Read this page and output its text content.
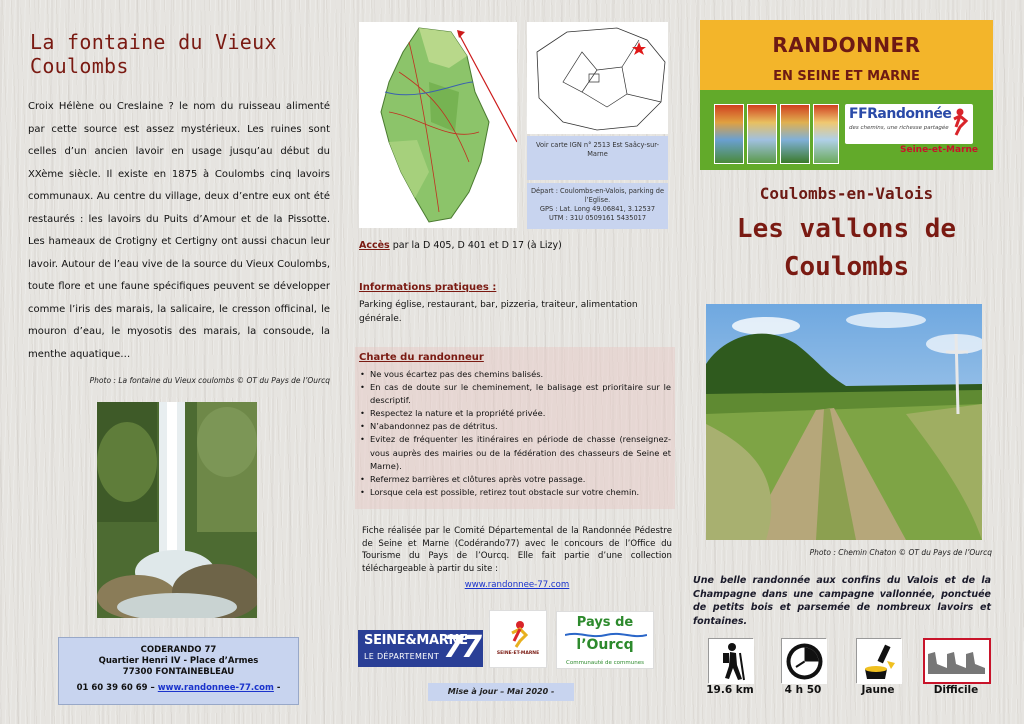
La fontaine du Vieux Coulombs
Croix Hélène ou Creslaine ? le nom du ruisseau alimenté par cette source est assez mystérieux. Les ruines sont celles d’un ancien lavoir en usage jusqu’au début du XXème siècle. Il existe en 1875 à Coulombs cinq lavoirs communaux. Au centre du village, deux d’entre eux ont été restaurés : les lavoirs du Puits d’Amour et de la Pissotte. Les hameaux de Crotigny et Certigny ont aussi chacun leur lavoir. Autour de l’eau vive de la source du Vieux Coulombs, toute flore et une faune spécifiques peuvent se développer comme l’iris des marais, la salicaire, le cresson officinal, le mouron d’eau, le myosotis des marais, la consoude, la menthe aquatique…
Photo : La fontaine du Vieux coulombs © OT du Pays de l’Ourcq
CODERANDO 77
Quartier Henri IV - Place d’Armes
77300 FONTAINEBLEAU
01 60 39 60 69 – www.randonnee-77.com -
Voir carte IGN n° 2513 Est Saâcy-sur-Marne
Départ : Coulombs-en-Valois, parking de l’Eglise.
GPS : Lat. Long 49.06841, 3.12537
UTM : 31U 0509161 5435017
Accès par la D 405, D 401 et D 17 (à Lizy)
Informations pratiques :
Parking église, restaurant, bar, pizzeria, traiteur, alimentation générale.
Charte du randonneur
• Ne vous écartez pas des chemins balisés.
• En cas de doute sur le cheminement, le balisage est prioritaire sur le descriptif.
• Respectez la nature et la propriété privée.
• N’abandonnez pas de détritus.
• Evitez de fréquenter les itinéraires en période de chasse (renseignez-vous auprès des mairies ou de la fédération des chasseurs de Seine et Marne).
• Refermez barrières et clôtures après votre passage.
• Lorsque cela est possible, retirez tout obstacle sur votre chemin.
Fiche réalisée par le Comité Départemental de la Randonnée Pédestre de Seine et Marne (Codérando77) avec le concours de l’Office du Tourisme du Pays de l’Ourcq. Elle fait partie d’une collection téléchargeable à partir du site :
www.randonnee-77.com
SEINE&MARNE
LE DÉPARTEMENT 77	SEINE-ET-MARNE
Pays de
l’Ourcq
Communauté de communes
Mise à jour – Mai 2020 -
RANDONNER
EN SEINE ET MARNE
FFRandonnée
des chemins, une richesse partagée
Seine-et-Marne
Coulombs-en-Valois
Les vallons de
Coulombs
Photo : Chemin Chaton © OT du Pays de l’Ourcq
Une belle randonnée aux confins du Valois et de la Champagne dans une campagne vallonnée, ponctuée de petits bois et parsemée de nombreux lavoirs et fontaines.
19.6 km	4 h 50	Jaune	Difficile
